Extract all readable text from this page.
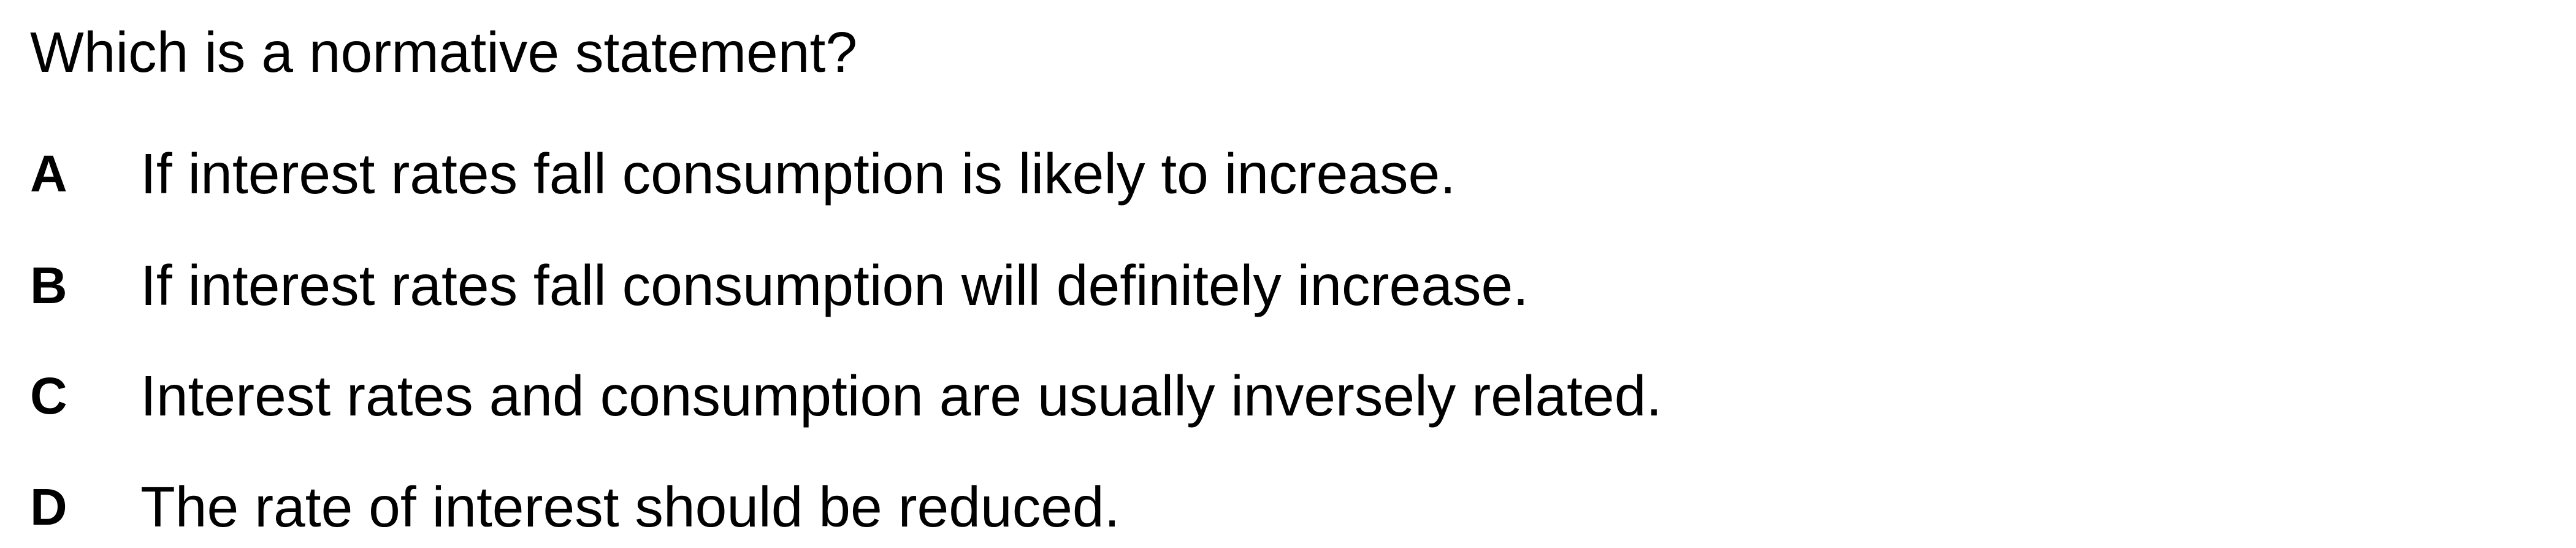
Which is a normative statement?
A	If interest rates fall consumption is likely to increase.
B	If interest rates fall consumption will definitely increase.
C	Interest rates and consumption are usually inversely related.
D	The rate of interest should be reduced.
